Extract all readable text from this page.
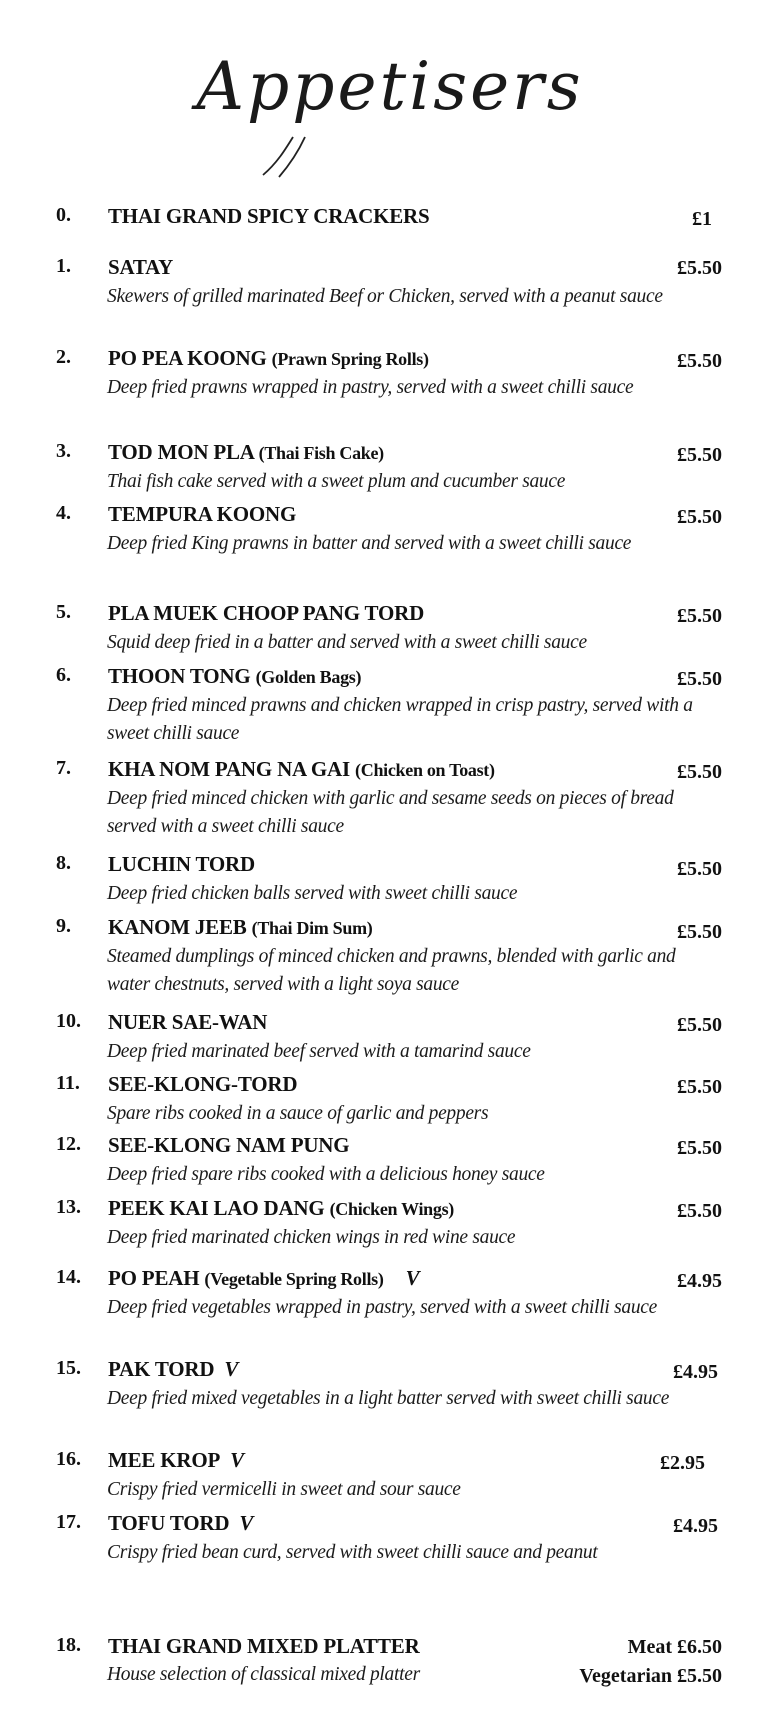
Appetisers
0.	THAI GRAND SPICY CRACKERS	£1
1.	SATAY	£5.50
Skewers of grilled marinated Beef or Chicken, served with a peanut sauce
2.	PO PEA KOONG (Prawn Spring Rolls)	£5.50
Deep fried prawns wrapped in pastry, served with a sweet chilli sauce
3.	TOD MON PLA (Thai Fish Cake)	£5.50
Thai fish cake served with a sweet plum and cucumber sauce
4.	TEMPURA KOONG	£5.50
Deep fried King prawns in batter and served with a sweet chilli sauce
5.	PLA MUEK CHOOP PANG TORD	£5.50
Squid deep fried in a batter and served with a sweet chilli sauce
6.	THOON TONG (Golden Bags)	£5.50
Deep fried minced prawns and chicken wrapped in crisp pastry, served with a sweet chilli sauce
7.	KHA NOM PANG NA GAI (Chicken on Toast)	£5.50
Deep fried minced chicken with garlic and sesame seeds on pieces of bread served with a sweet chilli sauce
8.	LUCHIN TORD	£5.50
Deep fried chicken balls served with sweet chilli sauce
9.	KANOM JEEB (Thai Dim Sum)	£5.50
Steamed dumplings of minced chicken and prawns, blended with garlic and water chestnuts, served with a light soya sauce
10.	NUER SAE-WAN	£5.50
Deep fried marinated beef served with a tamarind sauce
11.	SEE-KLONG-TORD	£5.50
Spare ribs cooked in a sauce of garlic and peppers
12.	SEE-KLONG NAM PUNG	£5.50
Deep fried spare ribs cooked with a delicious honey sauce
13.	PEEK KAI LAO DANG (Chicken Wings)	£5.50
Deep fried marinated chicken wings in red wine sauce
14.	PO PEAH (Vegetable Spring Rolls) V	£4.95
Deep fried vegetables wrapped in pastry, served with a sweet chilli sauce
15.	PAK TORD V	£4.95
Deep fried mixed vegetables in a light batter served with sweet chilli sauce
16.	MEE KROP V	£2.95
Crispy fried vermicelli in sweet and sour sauce
17.	TOFU TORD V	£4.95
Crispy fried bean curd, served with sweet chilli sauce and peanut
18.	THAI GRAND MIXED PLATTER	Meat £6.50
House selection of classical mixed platter	Vegetarian £5.50
